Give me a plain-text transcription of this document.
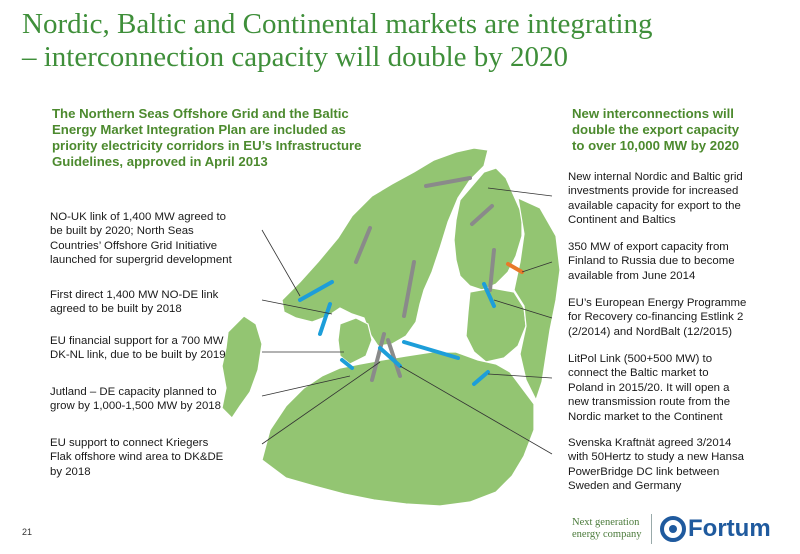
Nordic, Baltic and Continental markets are integrating
– interconnection capacity will double by 2020
The Northern Seas Offshore Grid and the Baltic
Energy Market Integration Plan are included as
priority electricity corridors in EU’s Infrastructure
Guidelines, approved in April 2013
New interconnections will
double the export capacity
to over 10,000 MW by 2020
NO-UK link of 1,400 MW agreed to
be built by 2020; North Seas
Countries’ Offshore Grid Initiative
launched for supergrid development
First direct 1,400 MW NO-DE link
agreed to be built by 2018
EU financial support for a 700 MW
DK-NL link, due to be built by 2019
Jutland – DE capacity planned to
grow by 1,000-1,500 MW by 2018
EU support to connect Kriegers
Flak offshore wind area to DK&DE
by 2018
New internal Nordic and Baltic grid
investments provide for increased
available capacity for export to the
Continent and Baltics
350 MW of export capacity from
Finland to Russia due to become
available from June 2014
EU’s European Energy Programme
for Recovery co-financing Estlink 2
(2/2014) and NordBalt (12/2015)
LitPol Link (500+500 MW) to
connect the Baltic market to
Poland in 2015/20. It will open a
new transmission route from the
Nordic market to the Continent
Svenska Kraftnät agreed 3/2014
with 50Hertz to study a new Hansa
PowerBridge DC link between
Sweden and Germany
21
Next generation
energy company Fortum
